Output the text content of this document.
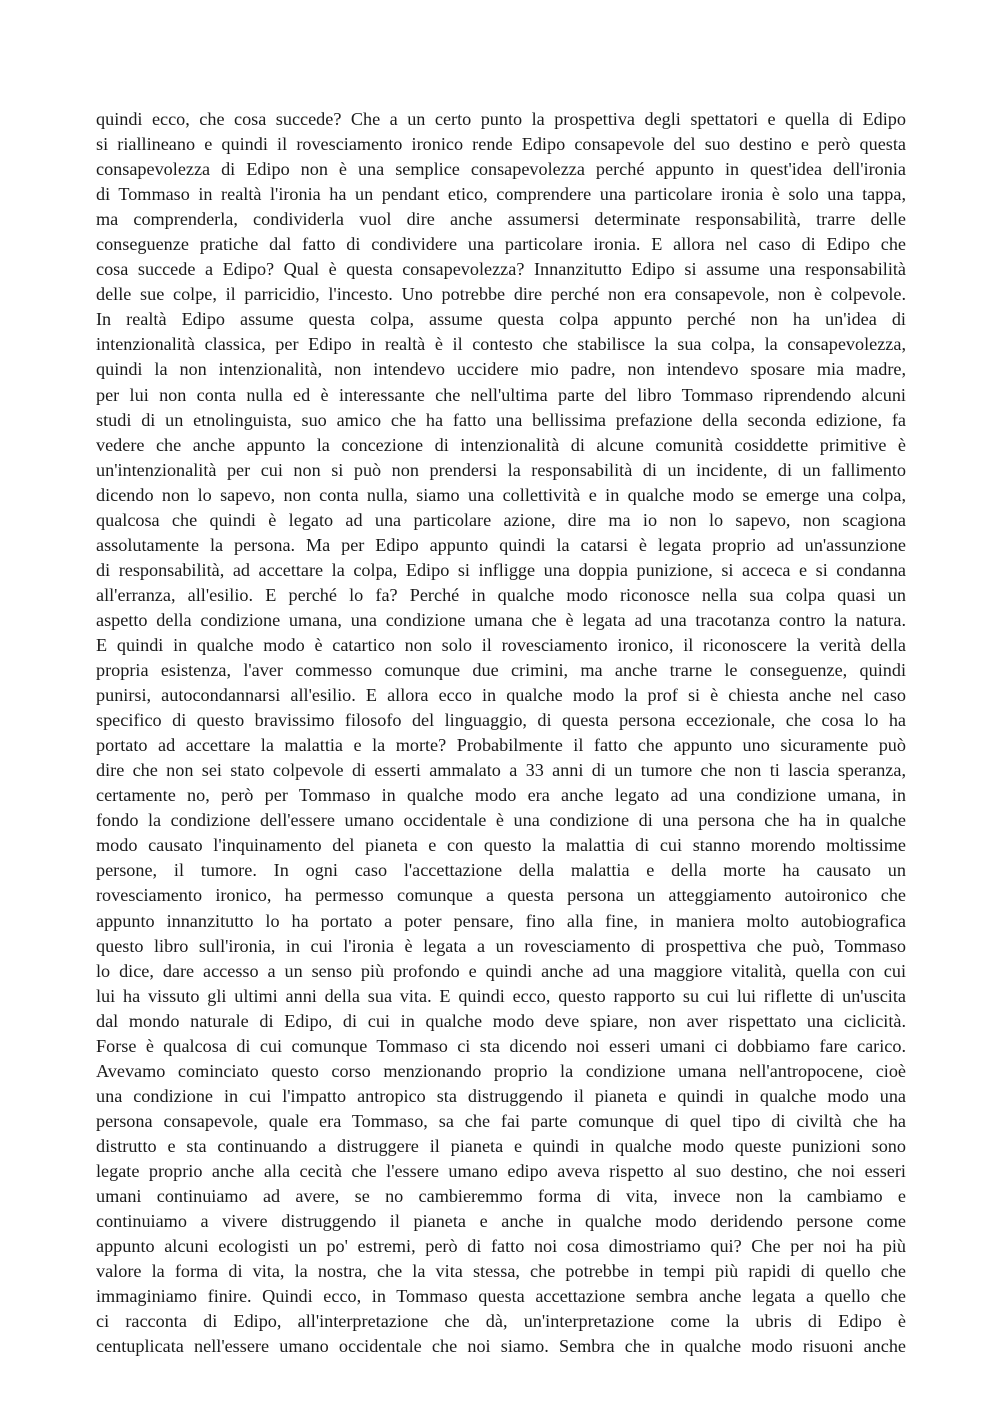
quindi ecco, che cosa succede? Che a un certo punto la prospettiva degli spettatori e quella di Edipo
si riallineano e quindi il rovesciamento ironico rende Edipo consapevole del suo destino e però questa
consapevolezza di Edipo non è una semplice consapevolezza perché appunto in quest'idea dell'ironia
di Tommaso in realtà l'ironia ha un pendant etico, comprendere una particolare ironia è solo una tappa,
ma comprenderla, condividerla vuol dire anche assumersi determinate responsabilità, trarre delle
conseguenze pratiche dal fatto di condividere una particolare ironia. E allora nel caso di Edipo che
cosa succede a Edipo? Qual è questa consapevolezza? Innanzitutto Edipo si assume una responsabilità
delle sue colpe, il parricidio, l'incesto. Uno potrebbe dire perché non era consapevole, non è colpevole.
In realtà Edipo assume questa colpa, assume questa colpa appunto perché non ha un'idea di
intenzionalità classica, per Edipo in realtà è il contesto che stabilisce la sua colpa, la consapevolezza,
quindi la non intenzionalità, non intendevo uccidere mio padre, non intendevo sposare mia madre,
per lui non conta nulla ed è interessante che nell'ultima parte del libro Tommaso riprendendo alcuni
studi di un etnolinguista, suo amico che ha fatto una bellissima prefazione della seconda edizione, fa
vedere che anche appunto la concezione di intenzionalità di alcune comunità cosiddette primitive è
un'intenzionalità per cui non si può non prendersi la responsabilità di un incidente, di un fallimento
dicendo non lo sapevo, non conta nulla, siamo una collettività e in qualche modo se emerge una colpa,
qualcosa che quindi è legato ad una particolare azione, dire ma io non lo sapevo, non scagiona
assolutamente la persona. Ma per Edipo appunto quindi la catarsi è legata proprio ad un'assunzione
di responsabilità, ad accettare la colpa, Edipo si infligge una doppia punizione, si acceca e si condanna
all'erranza, all'esilio. E perché lo fa? Perché in qualche modo riconosce nella sua colpa quasi un
aspetto della condizione umana, una condizione umana che è legata ad una tracotanza contro la natura.
E quindi in qualche modo è catartico non solo il rovesciamento ironico, il riconoscere la verità della
propria esistenza, l'aver commesso comunque due crimini, ma anche trarne le conseguenze, quindi
punirsi, autocondannarsi all'esilio. E allora ecco in qualche modo la prof si è chiesta anche nel caso
specifico di questo bravissimo filosofo del linguaggio, di questa persona eccezionale, che cosa lo ha
portato ad accettare la malattia e la morte? Probabilmente il fatto che appunto uno sicuramente può
dire che non sei stato colpevole di esserti ammalato a 33 anni di un tumore che non ti lascia speranza,
certamente no, però per Tommaso in qualche modo era anche legato ad una condizione umana, in
fondo la condizione dell'essere umano occidentale è una condizione di una persona che ha in qualche
modo causato l'inquinamento del pianeta e con questo la malattia di cui stanno morendo moltissime
persone, il tumore. In ogni caso l'accettazione della malattia e della morte ha causato un
rovesciamento ironico, ha permesso comunque a questa persona un atteggiamento autoironico che
appunto innanzitutto lo ha portato a poter pensare, fino alla fine, in maniera molto autobiografica
questo libro sull'ironia, in cui l'ironia è legata a un rovesciamento di prospettiva che può, Tommaso
lo dice, dare accesso a un senso più profondo e quindi anche ad una maggiore vitalità, quella con cui
lui ha vissuto gli ultimi anni della sua vita. E quindi ecco, questo rapporto su cui lui riflette di un'uscita
dal mondo naturale di Edipo, di cui in qualche modo deve spiare, non aver rispettato una ciclicità.
Forse è qualcosa di cui comunque Tommaso ci sta dicendo noi esseri umani ci dobbiamo fare carico.
Avevamo cominciato questo corso menzionando proprio la condizione umana nell'antropocene, cioè
una condizione in cui l'impatto antropico sta distruggendo il pianeta e quindi in qualche modo una
persona consapevole, quale era Tommaso, sa che fai parte comunque di quel tipo di civiltà che ha
distrutto e sta continuando a distruggere il pianeta e quindi in qualche modo queste punizioni sono
legate proprio anche alla cecità che l'essere umano edipo aveva rispetto al suo destino, che noi esseri
umani continuiamo ad avere, se no cambieremmo forma di vita, invece non la cambiamo e
continuiamo a vivere distruggendo il pianeta e anche in qualche modo deridendo persone come
appunto alcuni ecologisti un po' estremi, però di fatto noi cosa dimostriamo qui? Che per noi ha più
valore la forma di vita, la nostra, che la vita stessa, che potrebbe in tempi più rapidi di quello che
immaginiamo finire. Quindi ecco, in Tommaso questa accettazione sembra anche legata a quello che
ci racconta di Edipo, all'interpretazione che dà, un'interpretazione come la ubris di Edipo è
centuplicata nell'essere umano occidentale che noi siamo. Sembra che in qualche modo risuoni anche
